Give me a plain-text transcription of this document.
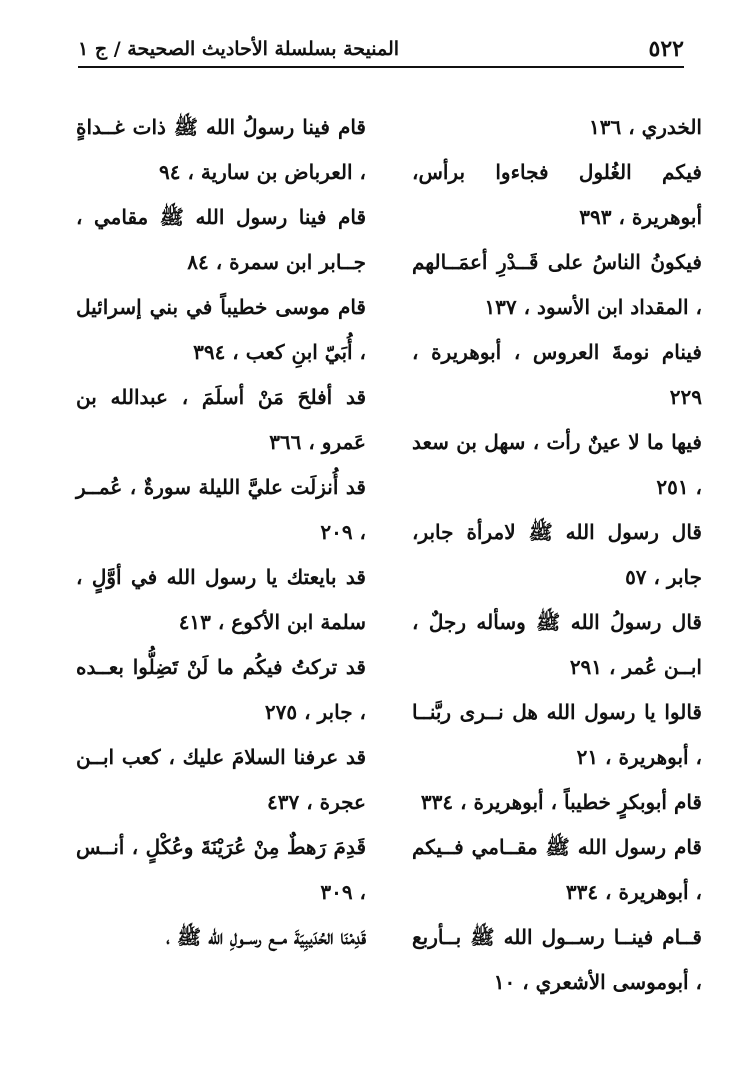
٥٢٢
المنيحة بسلسلة الأحاديث الصحيحة / ج ١

الخدري ، ١٣٦

فيكم الغُلول فجاءوا برأس، أبوهريرة ، ٣٩٣

فيكونُ الناسُ على قَــدْرِ أعمَــالهم ، المقداد ابن الأسود ، ١٣٧

فينام نومةَ العروس ، أبوهريرة ، ٢٢٩

فيها ما لا عينٌ رأت ، سهل بن سعد ، ٢٥١

قال رسول الله ﷺ لامرأة جابر، جابر ، ٥٧

قال رسولُ الله ﷺ وسأله رجلٌ ، ابــن عُمر ، ٢٩١

قالوا يا رسول الله هل نــرى ربَّنــا ، أبوهريرة ، ٢١

قام أبوبكرٍ خطيباً ، أبوهريرة ، ٣٣٤

قام رسول الله ﷺ مقــامي فــيكم ، أبوهريرة ، ٣٣٤

قــام فينــا رســول الله ﷺ بــأربع ، أبوموسى الأشعري ، ١٠

قام فينا رسولُ الله ﷺ ذات غــداةٍ ، العرباض بن سارية ، ٩٤

قام فينا رسول الله ﷺ مقامي ، جــابر ابن سمرة ، ٨٤

قام موسى خطيباً في بني إسرائيل ، أُبَيّ ابنِ كعب ، ٣٩٤

قد أفلحَ مَنْ أسلَمَ ، عبدالله بن عَمرو ، ٣٦٦

قد أُنزلَت عليَّ الليلة سورةٌ ، عُمــر ، ٢٠٩

قد بايعتك يا رسول الله في أوَّلٍ ، سلمة ابن الأكوع ، ٤١٣

قد تركتُ فيكُم ما لَنْ تَضِلُّوا بعــده ، جابر ، ٢٧٥

قد عرفنا السلامَ عليك ، كعب ابــن عجرة ، ٤٣٧

قَدِمَ رَهطٌ مِنْ عُرَيْنَةَ وعُكْلٍ ، أنــس ، ٣٠٩

قَدِمْنَا الحُدَيبِيَةَ مــع رســولِ الله ﷺ ،
